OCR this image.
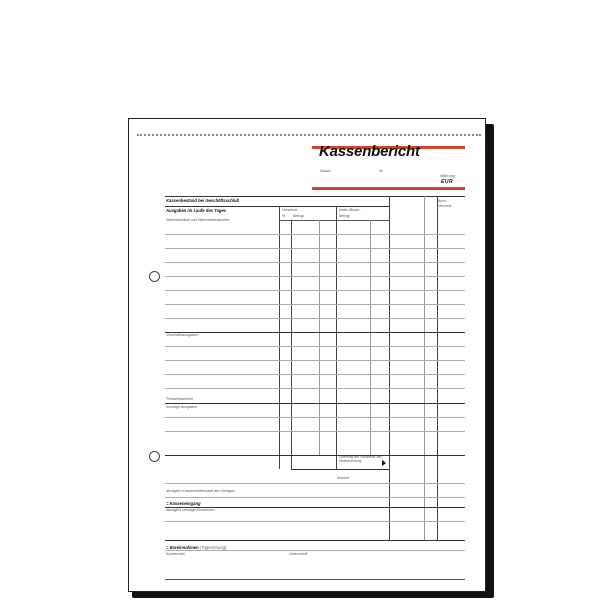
Kassenbericht
Datum	Nr.
Währung
EUR
Kassenbestand bei Geschäftsschluß
Ausgaben im Laufe des Tages
Wareneinkäufe und Warennebenkosten
Vorsteuer
% Betrag
Netto-/Brutto-
Betrag
Buch.-Vermerk
Geschäftsausgaben
Privatentnahmen
Sonstige Ausgaben
Übertrag der Vorsteuer bei Nettobuchung
Summe
abzüglich Kassenendbestand des Vortages
= Kasseneingang
abzüglich sonstige Einnahmen
= Bareinnahmen (Tageslosung)
Kundenzahl	Unterschrift
